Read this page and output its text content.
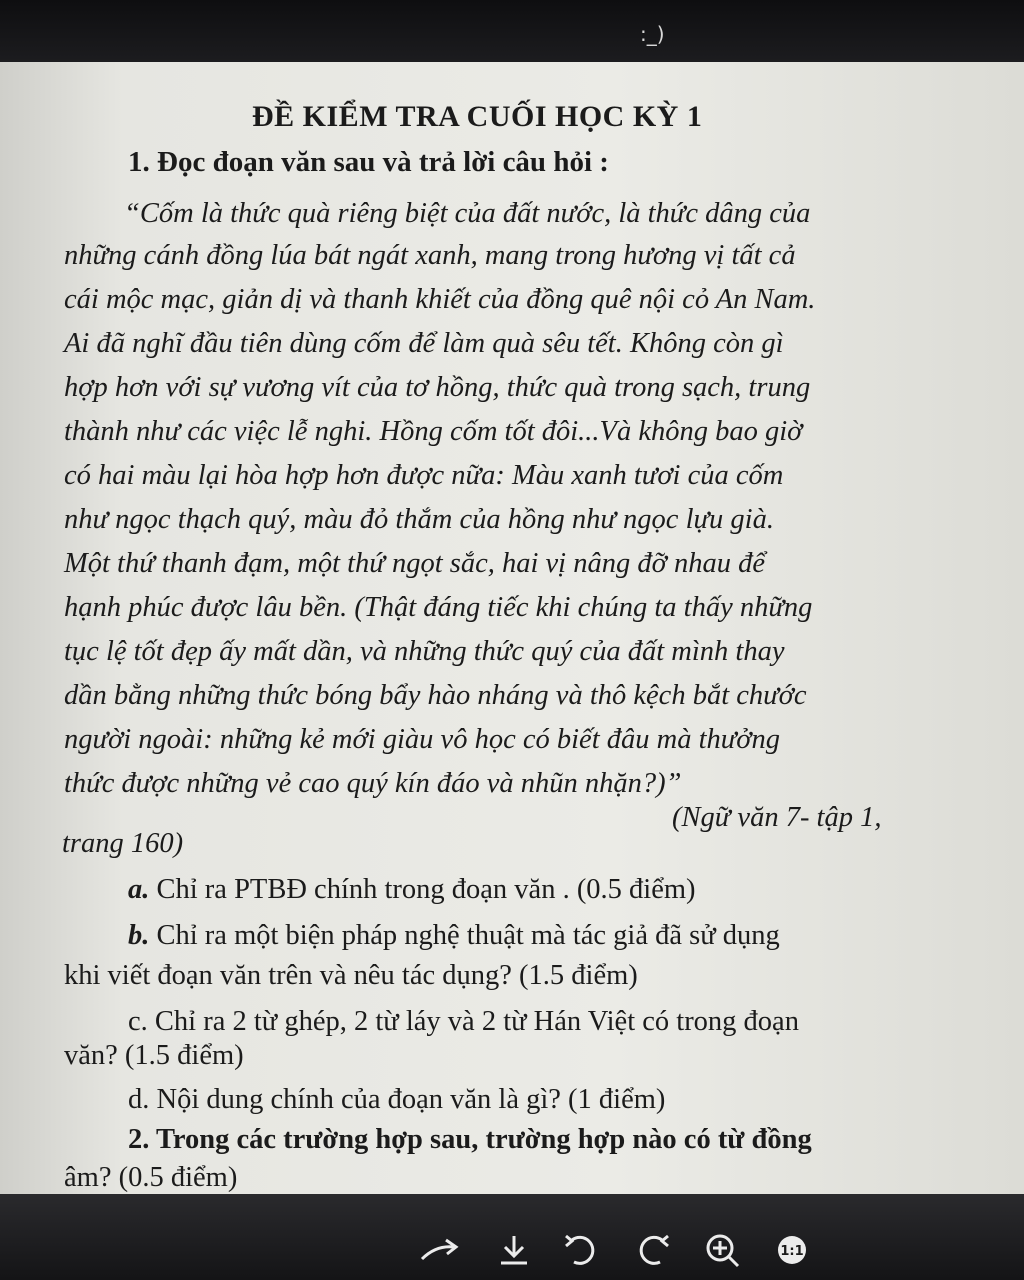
:_)
ĐỀ KIỂM TRA CUỐI HỌC KỲ 1
1. Đọc đoạn văn sau và trả lời câu hỏi :
“Cốm là thức quà riêng biệt của đất nước, là thức dâng của
những cánh đồng lúa bát ngát xanh, mang trong hương vị tất cả
cái mộc mạc, giản dị và thanh khiết của đồng quê nội cỏ An Nam.
Ai đã nghĩ đầu tiên dùng cốm để làm quà sêu tết. Không còn gì
hợp hơn với sự vương vít của tơ hồng, thức quà trong sạch, trung
thành như các việc lễ nghi. Hồng cốm tốt đôi...Và không bao giờ
có hai màu lại hòa hợp hơn được nữa: Màu xanh tươi của cốm
như ngọc thạch quý, màu đỏ thắm của hồng như ngọc lựu già.
Một thứ thanh đạm, một thứ ngọt sắc, hai vị nâng đỡ nhau để
hạnh phúc được lâu bền. (Thật đáng tiếc khi chúng ta thấy những
tục lệ tốt đẹp ấy mất dần, và những thức quý của đất mình thay
dần bằng những thức bóng bẩy hào nháng và thô kệch bắt chước
người ngoài: những kẻ mới giàu vô học có biết đâu mà thưởng
thức được những vẻ cao quý kín đáo và nhũn nhặn?)”
(Ngữ văn 7- tập 1,
trang 160)
a. Chỉ ra PTBĐ chính trong đoạn văn . (0.5 điểm)
b. Chỉ ra một biện pháp nghệ thuật mà tác giả đã sử dụng
khi viết đoạn văn trên và nêu tác dụng? (1.5 điểm)
c. Chỉ ra 2 từ ghép, 2 từ láy và 2 từ Hán Việt có trong đoạn
văn? (1.5 điểm)
d. Nội dung chính của đoạn văn là gì? (1 điểm)
2. Trong các trường hợp sau, trường hợp nào có từ đồng
âm? (0.5 điểm)
1:1
